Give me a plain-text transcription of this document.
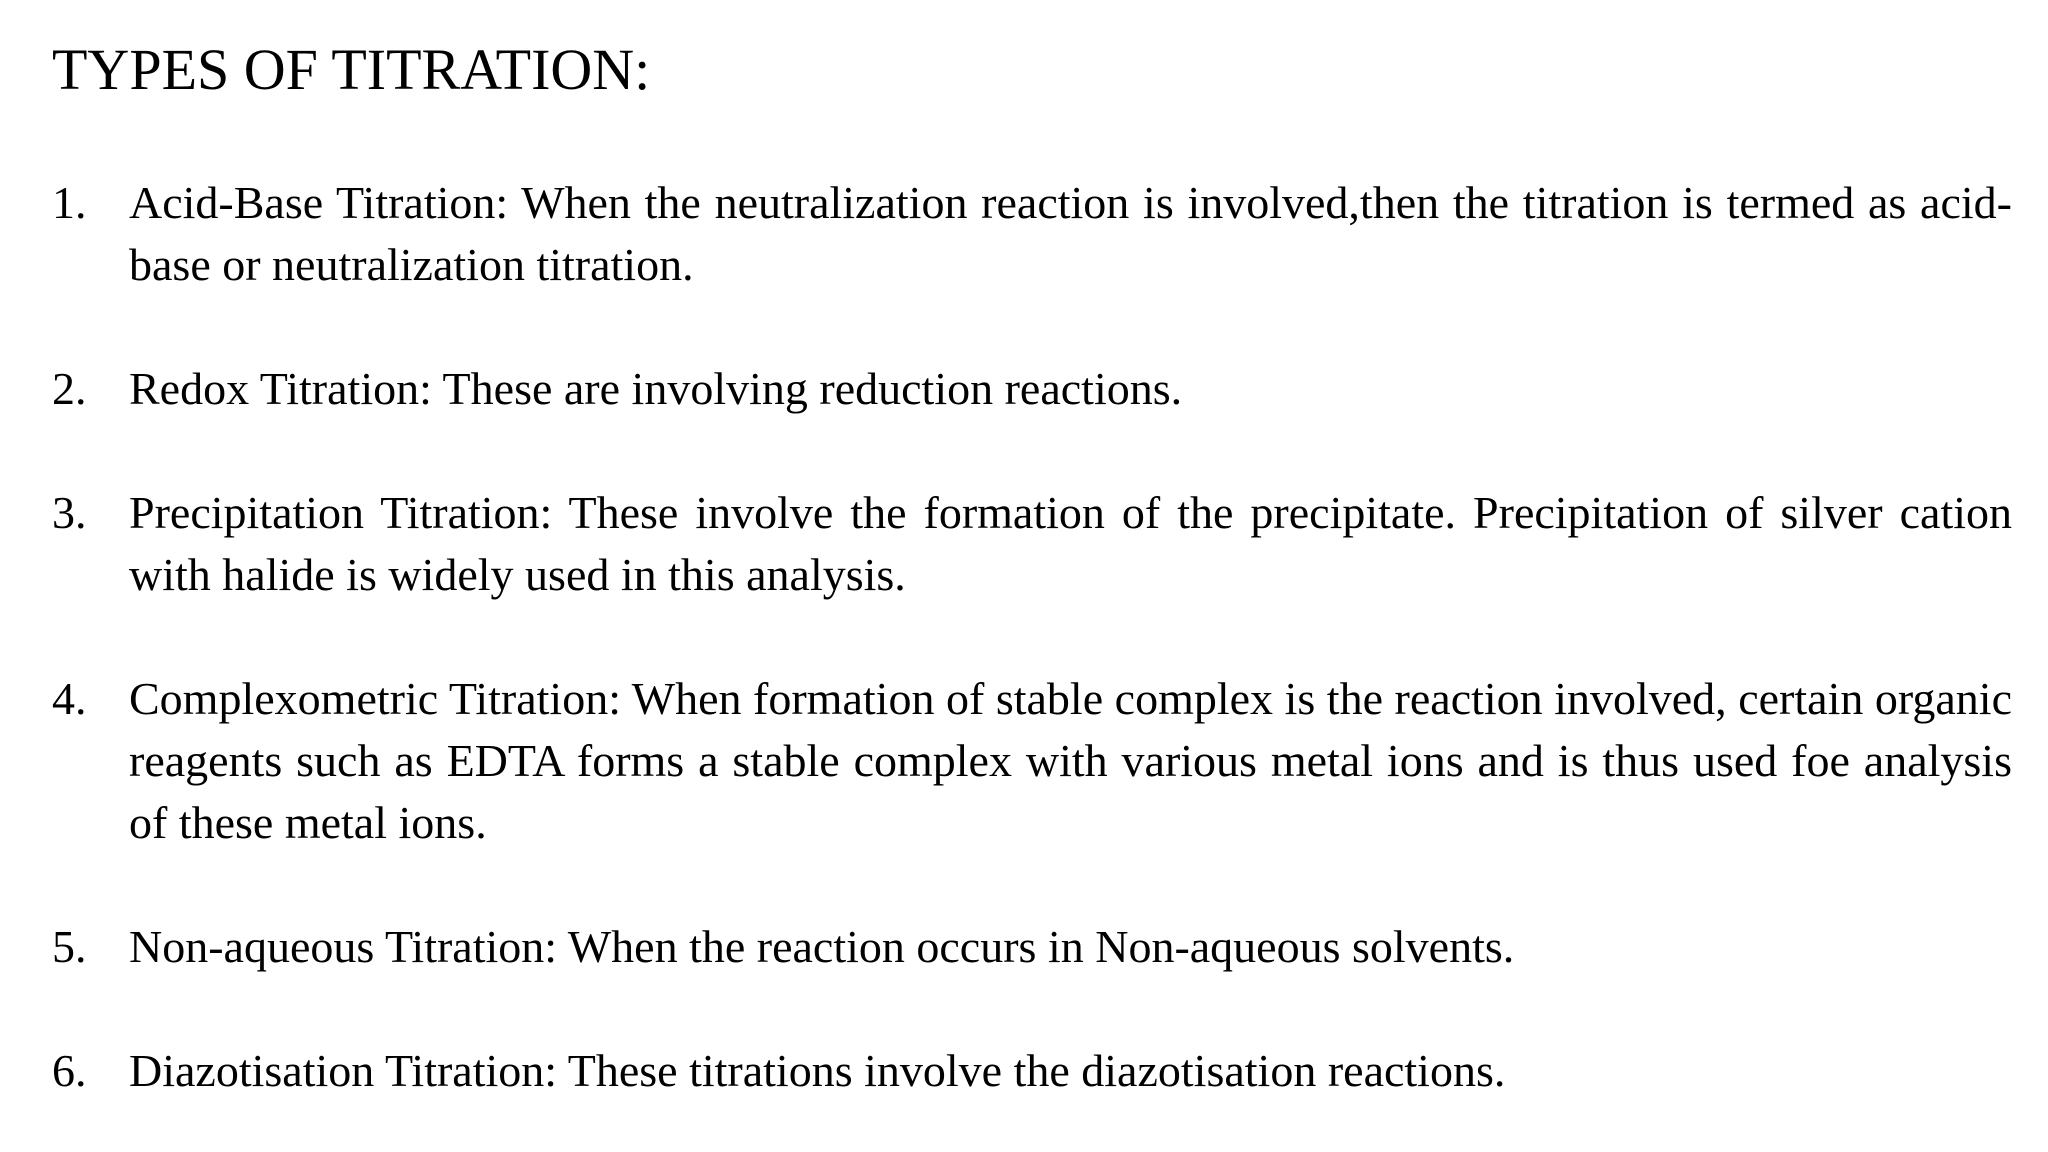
TYPES OF TITRATION:
1. Acid-Base Titration: When the neutralization reaction is involved,then the titration is termed as acid-base or neutralization titration.
2. Redox Titration: These are involving reduction reactions.
3. Precipitation Titration: These involve the formation of the precipitate. Precipitation of silver cation with halide is widely used in this analysis.
4. Complexometric Titration: When formation of stable complex is the reaction involved, certain organic reagents such as EDTA forms a stable complex with various metal ions and is thus used foe analysis of these metal ions.
5. Non-aqueous Titration: When the reaction occurs in Non-aqueous solvents.
6. Diazotisation Titration: These titrations involve the diazotisation reactions.
